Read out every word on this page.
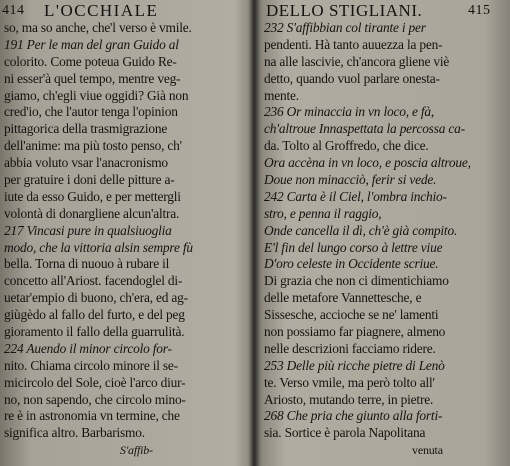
414 L'OCCHIALE
so, ma so anche, che'l verso è vmile.
191 Per le man del gran Guido al
colorito. Come poteua Guido Re-
ni esser'à quel tempo, mentre veg-
giamo, ch'egli viue oggidi? Già non
cred'io, che l'autor tenga l'opinion
pittagorica della trasmigrazione
dell'anime: ma più tosto penso, ch'
abbia voluto vsar l'anacronismo
per gratuire i doni delle pitture a-
iute da esso Guido, e per mettergli
volontà di donargliene alcun'altra.
217 Vincasi pure in qualsiuoglia
modo, che la vittoria alsin sempre fù
bella. Torna di nuouo à rubare il
concetto all'Ariost. facendoglel di-
uetar'empio di buono, ch'era, ed ag-
giùgèdo al fallo del furto, e del peg
gioramento il fallo della guarrulità.
224 Auendo il minor circolo for-
nito. Chiama circolo minore il se-
micircolo del Sole, cioè l'arco diur-
no, non sapendo, che circolo mino-
re è in astronomia vn termine, che
significa altro. Barbarismo.
S'affib-
DELLO STIGLIANI.	415
232 S'affibbian col tirante i per
pendenti. Hà tanto auuezza la pen-
na alle lascivie, ch'ancora gliene viè
detto, quando vuol parlare onesta-
mente.
236 Or minaccia in vn loco, e fà,
ch'altroue Innaspettata la percossa ca-
da. Tolto al Groffredo, che dice.
Ora accèna in vn loco, e poscia altroue,
Doue non minacciò, ferir si vede.
242 Carta è il Ciel, l'ombra inchio-
stro, e penna il raggio,
Onde cancella il dì, ch'è già compito.
E'l fin del lungo corso à lettre viue
D'oro celeste in Occidente scriue.
Di grazia che non ci dimentichiamo
delle metafore Vannettesche, e
Sissesche, accioche se ne' lamenti
non possiamo far piagnere, almeno
nelle descrizioni facciamo ridere.
253 Delle più ricche pietre di Lenò
te. Verso vmile, ma però tolto all'
Ariosto, mutando terre, in pietre.
268 Che pria che giunto alla forti-
sia. Sortice è parola Napolitana
venuta
